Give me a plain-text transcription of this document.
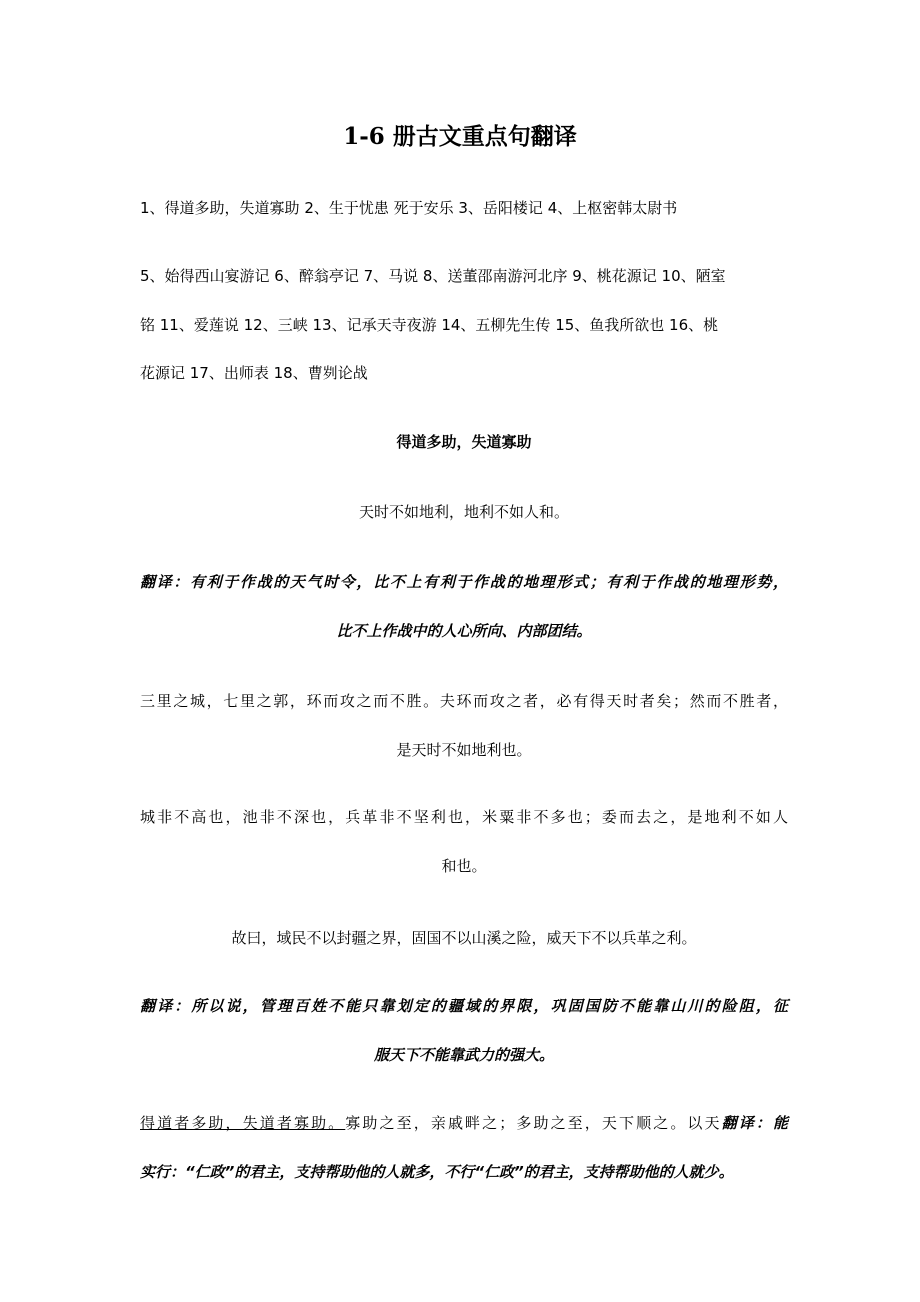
1-6 册古文重点句翻译

1、得道多助，失道寡助 2、生于忧患 死于安乐 3、岳阳楼记 4、上枢密韩太尉书

5、始得西山宴游记 6、醉翁亭记 7、马说 8、送董邵南游河北序 9、桃花源记 10、陋室

铭 11、爱莲说 12、三峡 13、记承天寺夜游 14、五柳先生传 15、鱼我所欲也 16、桃

花源记 17、出师表 18、曹刿论战

得道多助，失道寡助

天时不如地利，地利不如人和。

翻译：有利于作战的天气时令，比不上有利于作战的地理形式；有利于作战的地理形势，
比不上作战中的人心所向、内部团结。
三里之城，七里之郭，环而攻之而不胜。夫环而攻之者，必有得天时者矣；然而不胜者，
是天时不如地利也。
城非不高也，池非不深也，兵革非不坚利也，米粟非不多也；委而去之，是地利不如人
和也。

故曰，域民不以封疆之界，固国不以山溪之险，威天下不以兵革之利。

翻译：所以说，管理百姓不能只靠划定的疆域的界限，巩固国防不能靠山川的险阻，征
服天下不能靠武力的强大。
得道者多助，失道者寡助。寡助之至，亲戚畔之；多助之至，天下顺之。以天翻译：能
实行：“仁政”的君主，支持帮助他的人就多，不行“仁政”的君主，支持帮助他的人就少。
